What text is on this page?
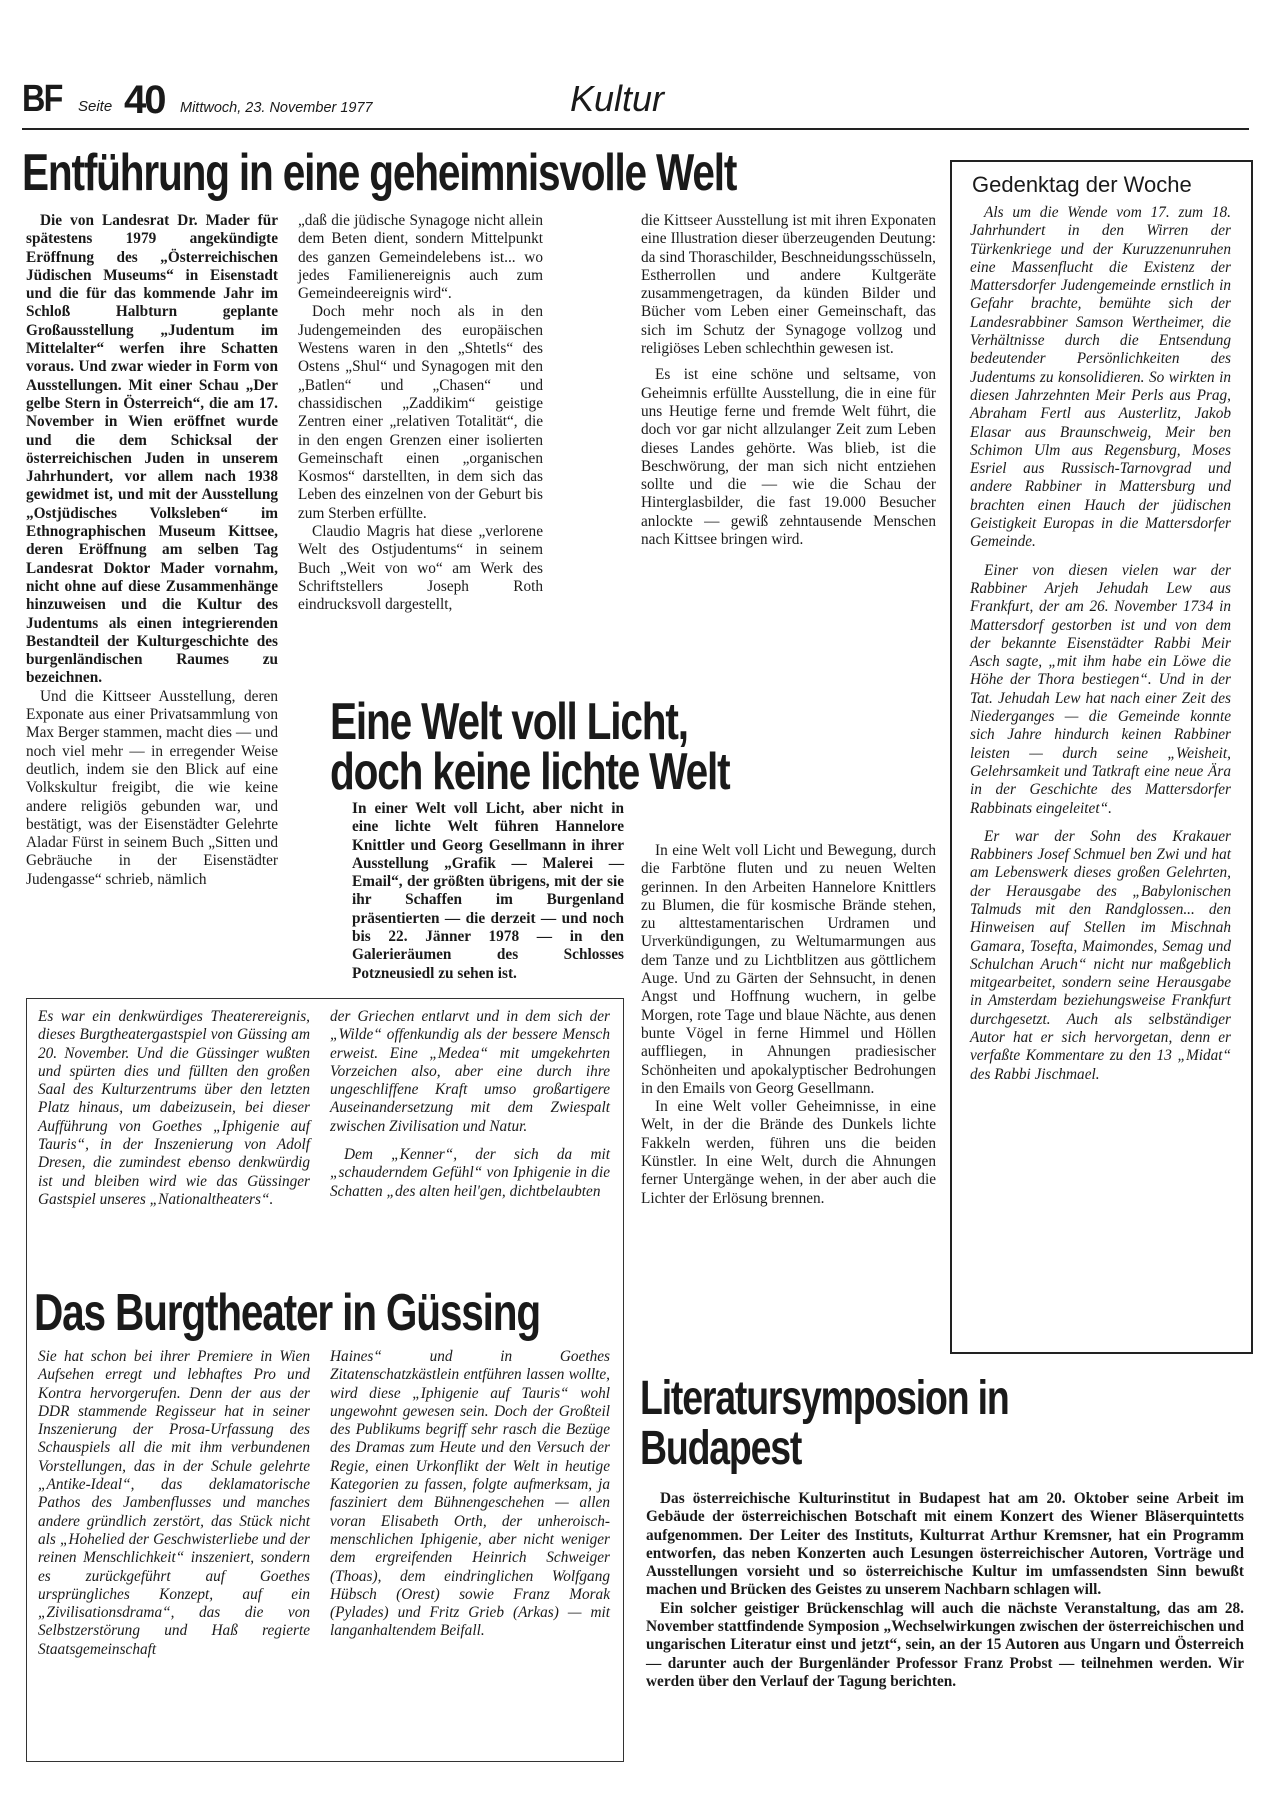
BF Seite 40 Mittwoch, 23. November 1977	Kultur
Entführung in eine geheimnisvolle Welt

Die von Landesrat Dr. Mader für spätestens 1979 angekündigte Eröffnung des „Österreichischen Jüdischen Museums“ in Eisenstadt und die für das kommende Jahr im Schloß Halbturn geplante Großausstellung „Judentum im Mittelalter“ werfen ihre Schatten voraus. Und zwar wieder in Form von Ausstellungen. Mit einer Schau „Der gelbe Stern in Österreich“, die am 17. November in Wien eröffnet wurde und die dem Schicksal der österreichischen Juden in unserem Jahrhundert, vor allem nach 1938 gewidmet ist, und mit der Ausstellung „Ostjüdisches Volksleben“ im Ethnographischen Museum Kittsee, deren Eröffnung am selben Tag Landesrat Doktor Mader vornahm, nicht ohne auf diese Zusammenhänge hinzuweisen und die Kultur des Judentums als einen integrierenden Bestandteil der Kulturgeschichte des burgenländischen Raumes zu bezeichnen.

Und die Kittseer Ausstellung, deren Exponate aus einer Privatsammlung von Max Berger stammen, macht dies — und noch viel mehr — in erregender Weise deutlich, indem sie den Blick auf eine Volkskultur freigibt, die wie keine andere religiös gebunden war, und bestätigt, was der Eisenstädter Gelehrte Aladar Fürst in seinem Buch „Sitten und Gebräuche in der Eisenstädter Judengasse“ schrieb, nämlich

„daß die jüdische Synagoge nicht allein dem Beten dient, sondern Mittelpunkt des ganzen Gemeindelebens ist... wo jedes Familienereignis auch zum Gemeindeereignis wird“.

Doch mehr noch als in den Judengemeinden des europäischen Westens waren in den „Shtetls“ des Ostens „Shul“ und Synagogen mit den „Batlen“ und „Chasen“ und chassidischen „Zaddikim“ geistige Zentren einer „relativen Totalität“, die in den engen Grenzen einer isolierten Gemeinschaft einen „organischen Kosmos“ darstellten, in dem sich das Leben des einzelnen von der Geburt bis zum Sterben erfüllte.

Claudio Magris hat diese „verlorene Welt des Ostjudentums“ in seinem Buch „Weit von wo“ am Werk des Schriftstellers Joseph Roth eindrucksvoll dargestellt,

die Kittseer Ausstellung ist mit ihren Exponaten eine Illustration dieser überzeugenden Deutung: da sind Thoraschilder, Beschneidungsschüsseln, Estherrollen und andere Kultgeräte zusammengetragen, da künden Bilder und Bücher vom Leben einer Gemeinschaft, das sich im Schutz der Synagoge vollzog und religiöses Leben schlechthin gewesen ist.

Es ist eine schöne und seltsame, von Geheimnis erfüllte Ausstellung, die in eine für uns Heutige ferne und fremde Welt führt, die doch vor gar nicht allzulanger Zeit zum Leben dieses Landes gehörte. Was blieb, ist die Beschwörung, der man sich nicht entziehen sollte und die — wie die Schau der Hinterglasbilder, die fast 19.000 Besucher anlockte — gewiß zehntausende Menschen nach Kittsee bringen wird.

Gedenktag der Woche

Als um die Wende vom 17. zum 18. Jahrhundert in den Wirren der Türkenkriege und der Kuruzzenunruhen eine Massenflucht die Existenz der Mattersdorfer Judengemeinde ernstlich in Gefahr brachte, bemühte sich der Landesrabbiner Samson Wertheimer, die Verhältnisse durch die Entsendung bedeutender Persönlichkeiten des Judentums zu konsolidieren. So wirkten in diesen Jahrzehnten Meir Perls aus Prag, Abraham Fertl aus Austerlitz, Jakob Elasar aus Braunschweig, Meir ben Schimon Ulm aus Regensburg, Moses Esriel aus Russisch-Tarnovgrad und andere Rabbiner in Mattersburg und brachten einen Hauch der jüdischen Geistigkeit Europas in die Mattersdorfer Gemeinde.

Einer von diesen vielen war der Rabbiner Arjeh Jehudah Lew aus Frankfurt, der am 26. November 1734 in Mattersdorf gestorben ist und von dem der bekannte Eisenstädter Rabbi Meir Asch sagte, „mit ihm habe ein Löwe die Höhe der Thora bestiegen“. Und in der Tat. Jehudah Lew hat nach einer Zeit des Niederganges — die Gemeinde konnte sich Jahre hindurch keinen Rabbiner leisten — durch seine „Weisheit, Gelehrsamkeit und Tatkraft eine neue Ära in der Geschichte des Mattersdorfer Rabbinats eingeleitet“.

Er war der Sohn des Krakauer Rabbiners Josef Schmuel ben Zwi und hat am Lebenswerk dieses großen Gelehrten, der Herausgabe des „Babylonischen Talmuds mit den Randglossen... den Hinweisen auf Stellen im Mischnah Gamara, Tosefta, Maimondes, Semag und Schulchan Aruch“ nicht nur maßgeblich mitgearbeitet, sondern seine Herausgabe in Amsterdam beziehungsweise Frankfurt durchgesetzt. Auch als selbständiger Autor hat er sich hervorgetan, denn er verfaßte Kommentare zu den 13 „Midat“ des Rabbi Jischmael.

Eine Welt voll Licht,
doch keine lichte Welt
In einer Welt voll Licht, aber nicht in eine lichte Welt führen Hannelore Knittler und Georg Gesellmann in ihrer Ausstellung „Grafik — Malerei — Email“, der größten übrigens, mit der sie ihr Schaffen im Burgenland präsentierten — die derzeit — und noch bis 22. Jänner 1978 — in den Galerieräumen des Schlosses Potzneusiedl zu sehen ist.

In eine Welt voll Licht und Bewegung, durch die Farbtöne fluten und zu neuen Welten gerinnen. In den Arbeiten Hannelore Knittlers zu Blumen, die für kosmische Brände stehen, zu alttestamentarischen Urdramen und Urverkündigungen, zu Weltumarmungen aus dem Tanze und zu Lichtblitzen aus göttlichem Auge. Und zu Gärten der Sehnsucht, in denen Angst und Hoffnung wuchern, in gelbe Morgen, rote Tage und blaue Nächte, aus denen bunte Vögel in ferne Himmel und Höllen auffliegen, in Ahnungen pradiesischer Schönheiten und apokalyptischer Bedrohungen in den Emails von Georg Gesellmann.

In eine Welt voller Geheimnisse, in eine Welt, in der die Brände des Dunkels lichte Fakkeln werden, führen uns die beiden Künstler. In eine Welt, durch die Ahnungen ferner Untergänge wehen, in der aber auch die Lichter der Erlösung brennen.

Es war ein denkwürdiges Theaterereignis, dieses Burgtheatergastspiel von Güssing am 20. November. Und die Güssinger wußten und spürten dies und füllten den großen Saal des Kulturzentrums über den letzten Platz hinaus, um dabeizusein, bei dieser Aufführung von Goethes „Iphigenie auf Tauris“, in der Inszenierung von Adolf Dresen, die zumindest ebenso denkwürdig ist und bleiben wird wie das Güssinger Gastspiel unseres „Nationaltheaters“.

der Griechen entlarvt und in dem sich der „Wilde“ offenkundig als der bessere Mensch erweist. Eine „Medea“ mit umgekehrten Vorzeichen also, aber eine durch ihre ungeschliffene Kraft umso großartigere Auseinandersetzung mit dem Zwiespalt zwischen Zivilisation und Natur.

Dem „Kenner“, der sich da mit „schauderndem Gefühl“ von Iphigenie in die Schatten „des alten heil'gen, dichtbelaubten

Das Burgtheater in Güssing
Sie hat schon bei ihrer Premiere in Wien Aufsehen erregt und lebhaftes Pro und Kontra hervorgerufen. Denn der aus der DDR stammende Regisseur hat in seiner Inszenierung der Prosa-Urfassung des Schauspiels all die mit ihm verbundenen Vorstellungen, das in der Schule gelehrte „Antike-Ideal“, das deklamatorische Pathos des Jambenflusses und manches andere gründlich zerstört, das Stück nicht als „Hohelied der Geschwisterliebe und der reinen Menschlichkeit“ inszeniert, sondern es zurückgeführt auf Goethes ursprüngliches Konzept, auf ein „Zivilisationsdrama“, das die von Selbstzerstörung und Haß regierte Staatsgemeinschaft
Haines“ und in Goethes Zitatenschatzkästlein entführen lassen wollte, wird diese „Iphigenie auf Tauris“ wohl ungewohnt gewesen sein. Doch der Großteil des Publikums begriff sehr rasch die Bezüge des Dramas zum Heute und den Versuch der Regie, einen Urkonflikt der Welt in heutige Kategorien zu fassen, folgte aufmerksam, ja fasziniert dem Bühnengeschehen — allen voran Elisabeth Orth, der unheroisch-menschlichen Iphigenie, aber nicht weniger dem ergreifenden Heinrich Schweiger (Thoas), dem eindringlichen Wolfgang Hübsch (Orest) sowie Franz Morak (Pylades) und Fritz Grieb (Arkas) — mit langanhaltendem Beifall.
Literatursymposion in
Budapest

Das österreichische Kulturinstitut in Budapest hat am 20. Oktober seine Arbeit im Gebäude der österreichischen Botschaft mit einem Konzert des Wiener Bläserquintetts aufgenommen. Der Leiter des Instituts, Kulturrat Arthur Kremsner, hat ein Programm entworfen, das neben Konzerten auch Lesungen österreichischer Autoren, Vorträge und Ausstellungen vorsieht und so österreichische Kultur im umfassendsten Sinn bewußt machen und Brücken des Geistes zu unserem Nachbarn schlagen will.

Ein solcher geistiger Brückenschlag will auch die nächste Veranstaltung, das am 28. November stattfindende Symposion „Wechselwirkungen zwischen der österreichischen und ungarischen Literatur einst und jetzt“, sein, an der 15 Autoren aus Ungarn und Österreich — darunter auch der Burgenländer Professor Franz Probst — teilnehmen werden. Wir werden über den Verlauf der Tagung berichten.
